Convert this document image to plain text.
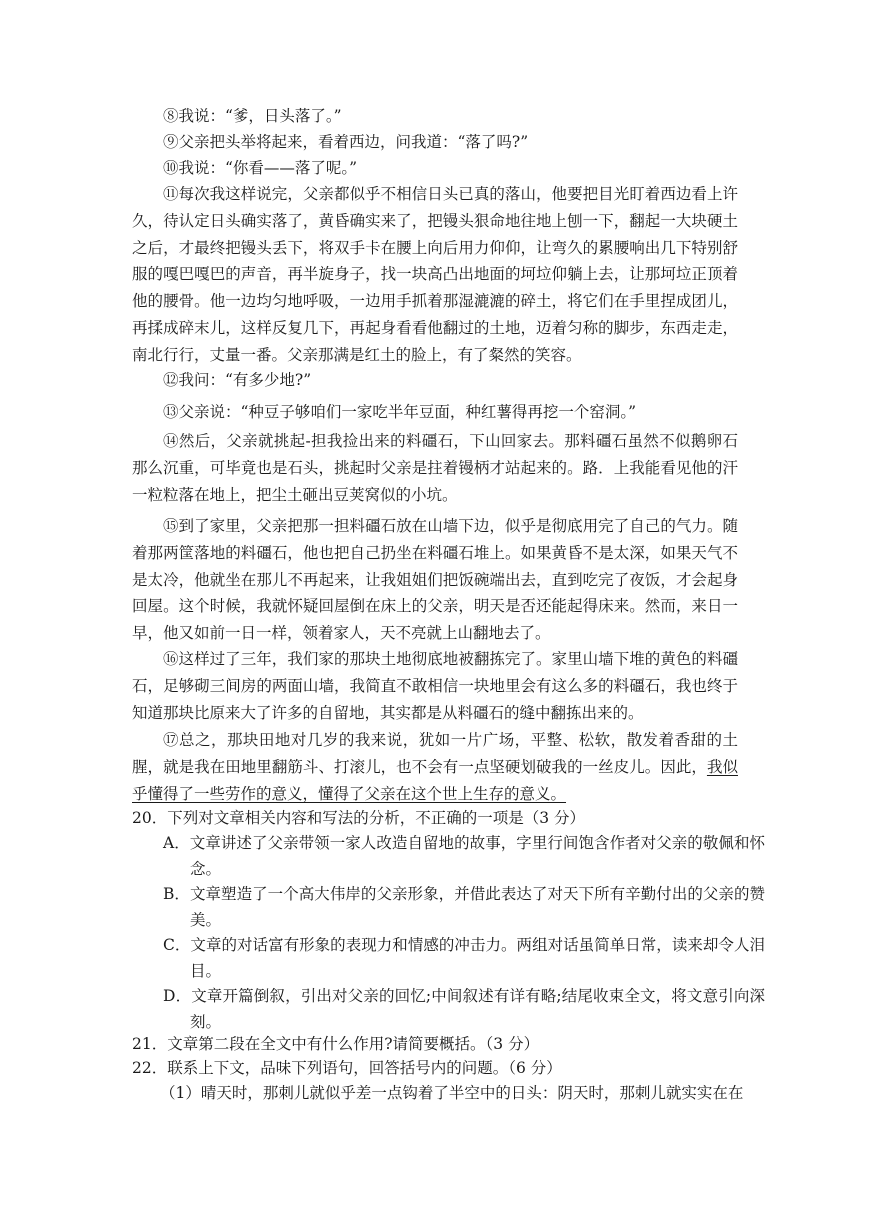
⑧我说：“爹，日头落了。”
⑨父亲把头举将起来，看着西边，问我道：“落了吗?”
⑩我说：“你看——落了呢。”
⑪每次我这样说完，父亲都似乎不相信日头已真的落山，他要把目光盯着西边看上许久，待认定日头确实落了，黄昏确实来了，把镘头狠命地往地上刨一下，翻起一大块硬土之后，才最终把镘头丢下，将双手卡在腰上向后用力仰仰，让弯久的累腰响出几下特别舒服的嘎巴嘎巴的声音，再半旋身子，找一块高凸出地面的坷垃仰躺上去，让那坷垃正顶着他的腰骨。他一边均匀地呼吸，一边用手抓着那湿漉漉的碎土，将它们在手里捏成团儿，再揉成碎末儿，这样反复几下，再起身看看他翻过的土地，迈着匀称的脚步，东西走走，南北行行，丈量一番。父亲那满是红土的脸上，有了粲然的笑容。
⑫我问：“有多少地?”
⑬父亲说：“种豆子够咱们一家吃半年豆面，种红薯得再挖一个窑洞。”
⑭然后，父亲就挑起-担我捡出来的料礓石，下山回家去。那料礓石虽然不似鹅卵石那么沉重，可毕竟也是石头，挑起时父亲是拄着镘柄才站起来的。路．上我能看见他的汗一粒粒落在地上，把尘土砸出豆荚窝似的小坑。
⑮到了家里，父亲把那一担料礓石放在山墙下边，似乎是彻底用完了自己的气力。随着那两筐落地的料礓石，他也把自己扔坐在料礓石堆上。如果黄昏不是太深，如果天气不是太冷，他就坐在那儿不再起来，让我姐姐们把饭碗端出去，直到吃完了夜饭，才会起身回屋。这个时候，我就怀疑回屋倒在床上的父亲，明天是否还能起得床来。然而，来日一早，他又如前一日一样，领着家人，天不亮就上山翻地去了。
⑯这样过了三年，我们家的那块土地彻底地被翻拣完了。家里山墙下堆的黄色的料礓石，足够砌三间房的两面山墙，我简直不敢相信一块地里会有这么多的料礓石，我也终于知道那块比原来大了许多的自留地，其实都是从料礓石的缝中翻拣出来的。
⑰总之，那块田地对几岁的我来说，犹如一片广场，平整、松软，散发着香甜的土腥，就是我在田地里翻筋斗、打滚儿，也不会有一点坚硬划破我的一丝皮儿。因此，我似乎懂得了一些劳作的意义，懂得了父亲在这个世上生存的意义。
20．下列对文章相关内容和写法的分析，不正确的一项是（3 分）
A．文章讲述了父亲带领一家人改造自留地的故事，字里行间饱含作者对父亲的敬佩和怀念。
B．文章塑造了一个高大伟岸的父亲形象，并借此表达了对天下所有辛勤付出的父亲的赞美。
C．文章的对话富有形象的表现力和情感的冲击力。两组对话虽简单日常，读来却令人泪目。
D．文章开篇倒叙，引出对父亲的回忆;中间叙述有详有略;结尾收束全文，将文意引向深刻。
21．文章第二段在全文中有什么作用?请简要概括。（3 分）
22．联系上下文，品味下列语句，回答括号内的问题。（6 分）
（1）晴天时，那刺儿就似乎差一点钩着了半空中的日头：阴天时，那刺儿就实实在在
